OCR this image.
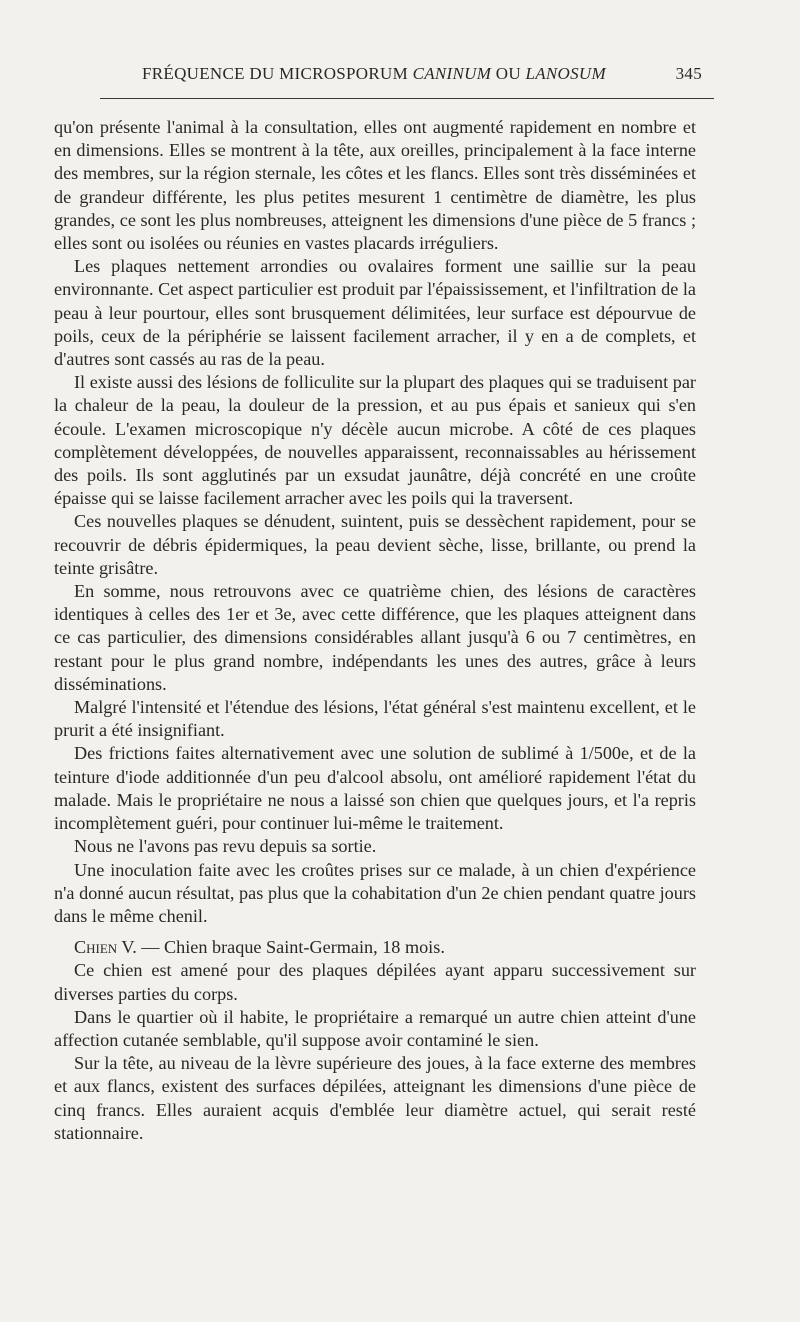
FRÉQUENCE DU MICROSPORUM CANINUM OU LANOSUM	345

qu'on présente l'animal à la consultation, elles ont augmenté rapidement en nombre et en dimensions. Elles se montrent à la tête, aux oreilles, principalement à la face interne des membres, sur la région sternale, les côtes et les flancs. Elles sont très disséminées et de grandeur différente, les plus petites mesurent 1 centimètre de diamètre, les plus grandes, ce sont les plus nombreuses, atteignent les dimensions d'une pièce de 5 francs ; elles sont ou isolées ou réunies en vastes placards irréguliers.

Les plaques nettement arrondies ou ovalaires forment une saillie sur la peau environnante. Cet aspect particulier est produit par l'épaississement, et l'infiltration de la peau à leur pourtour, elles sont brusquement délimitées, leur surface est dépourvue de poils, ceux de la périphérie se laissent facilement arracher, il y en a de complets, et d'autres sont cassés au ras de la peau.

Il existe aussi des lésions de folliculite sur la plupart des plaques qui se traduisent par la chaleur de la peau, la douleur de la pression, et au pus épais et sanieux qui s'en écoule. L'examen microscopique n'y décèle aucun microbe. A côté de ces plaques complètement développées, de nouvelles apparaissent, reconnaissables au hérissement des poils. Ils sont agglutinés par un exsudat jaunâtre, déjà concrété en une croûte épaisse qui se laisse facilement arracher avec les poils qui la traversent.

Ces nouvelles plaques se dénudent, suintent, puis se dessèchent rapidement, pour se recouvrir de débris épidermiques, la peau devient sèche, lisse, brillante, ou prend la teinte grisâtre.

En somme, nous retrouvons avec ce quatrième chien, des lésions de caractères identiques à celles des 1er et 3e, avec cette différence, que les plaques atteignent dans ce cas particulier, des dimensions considérables allant jusqu'à 6 ou 7 centimètres, en restant pour le plus grand nombre, indépendants les unes des autres, grâce à leurs disséminations.

Malgré l'intensité et l'étendue des lésions, l'état général s'est maintenu excellent, et le prurit a été insignifiant.

Des frictions faites alternativement avec une solution de sublimé à 1/500e, et de la teinture d'iode additionnée d'un peu d'alcool absolu, ont amélioré rapidement l'état du malade. Mais le propriétaire ne nous a laissé son chien que quelques jours, et l'a repris incomplètement guéri, pour continuer lui-même le traitement.

Nous ne l'avons pas revu depuis sa sortie.

Une inoculation faite avec les croûtes prises sur ce malade, à un chien d'expérience n'a donné aucun résultat, pas plus que la cohabitation d'un 2e chien pendant quatre jours dans le même chenil.

Chien V. — Chien braque Saint-Germain, 18 mois.

Ce chien est amené pour des plaques dépilées ayant apparu successivement sur diverses parties du corps.

Dans le quartier où il habite, le propriétaire a remarqué un autre chien atteint d'une affection cutanée semblable, qu'il suppose avoir contaminé le sien.

Sur la tête, au niveau de la lèvre supérieure des joues, à la face externe des membres et aux flancs, existent des surfaces dépilées, atteignant les dimensions d'une pièce de cinq francs. Elles auraient acquis d'emblée leur diamètre actuel, qui serait resté stationnaire.
